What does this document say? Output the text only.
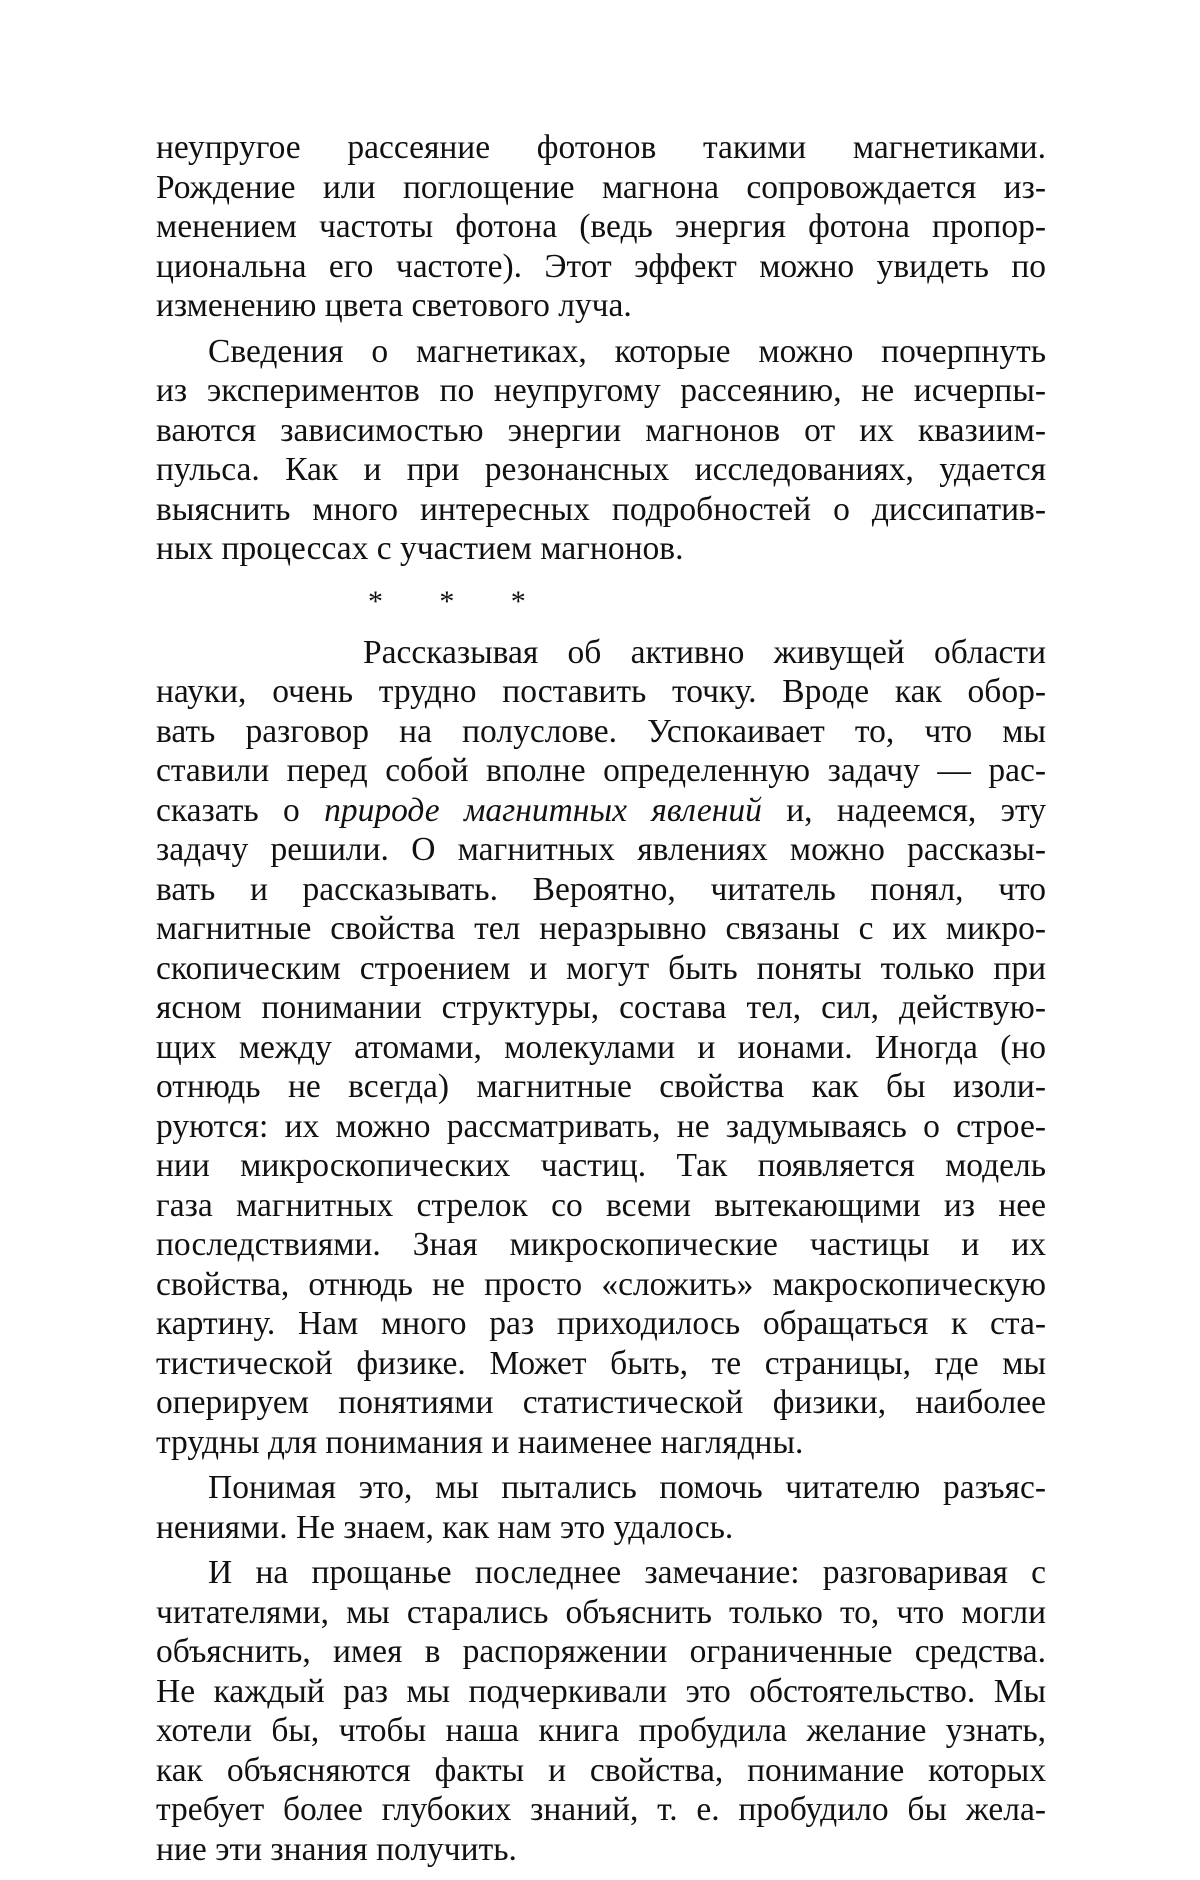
неупругое рассеяние фотонов такими магнетиками.
Рождение или поглощение магнона сопровождается из-
менением частоты фотона (ведь энергия фотона пропор-
циональна его частоте). Этот эффект можно увидеть по
изменению цвета светового луча.
Сведения о магнетиках, которые можно почерпнуть
из экспериментов по неупругому рассеянию, не исчерпы-
ваются зависимостью энергии магнонов от их квазиим-
пульса. Как и при резонансных исследованиях, удается
выяснить много интересных подробностей о диссипатив-
ных процессах с участием магнонов.
* * *
Рассказывая об активно живущей области
науки, очень трудно поставить точку. Вроде как обор-
вать разговор на полуслове. Успокаивает то, что мы
ставили перед собой вполне определенную задачу — рас-
сказать о природе магнитных явлений и, надеемся, эту
задачу решили. О магнитных явлениях можно рассказы-
вать и рассказывать. Вероятно, читатель понял, что
магнитные свойства тел неразрывно связаны с их микро-
скопическим строением и могут быть поняты только при
ясном понимании структуры, состава тел, сил, действую-
щих между атомами, молекулами и ионами. Иногда (но
отнюдь не всегда) магнитные свойства как бы изоли-
руются: их можно рассматривать, не задумываясь о строе-
нии микроскопических частиц. Так появляется модель
газа магнитных стрелок со всеми вытекающими из нее
последствиями. Зная микроскопические частицы и их
свойства, отнюдь не просто «сложить» макроскопическую
картину. Нам много раз приходилось обращаться к ста-
тистической физике. Может быть, те страницы, где мы
оперируем понятиями статистической физики, наиболее
трудны для понимания и наименее наглядны.
Понимая это, мы пытались помочь читателю разъяс-
нениями. Не знаем, как нам это удалось.
И на прощанье последнее замечание: разговаривая с
читателями, мы старались объяснить только то, что могли
объяснить, имея в распоряжении ограниченные средства.
Не каждый раз мы подчеркивали это обстоятельство. Мы
хотели бы, чтобы наша книга пробудила желание узнать,
как объясняются факты и свойства, понимание которых
требует более глубоких знаний, т. е. пробудило бы жела-
ние эти знания получить.
